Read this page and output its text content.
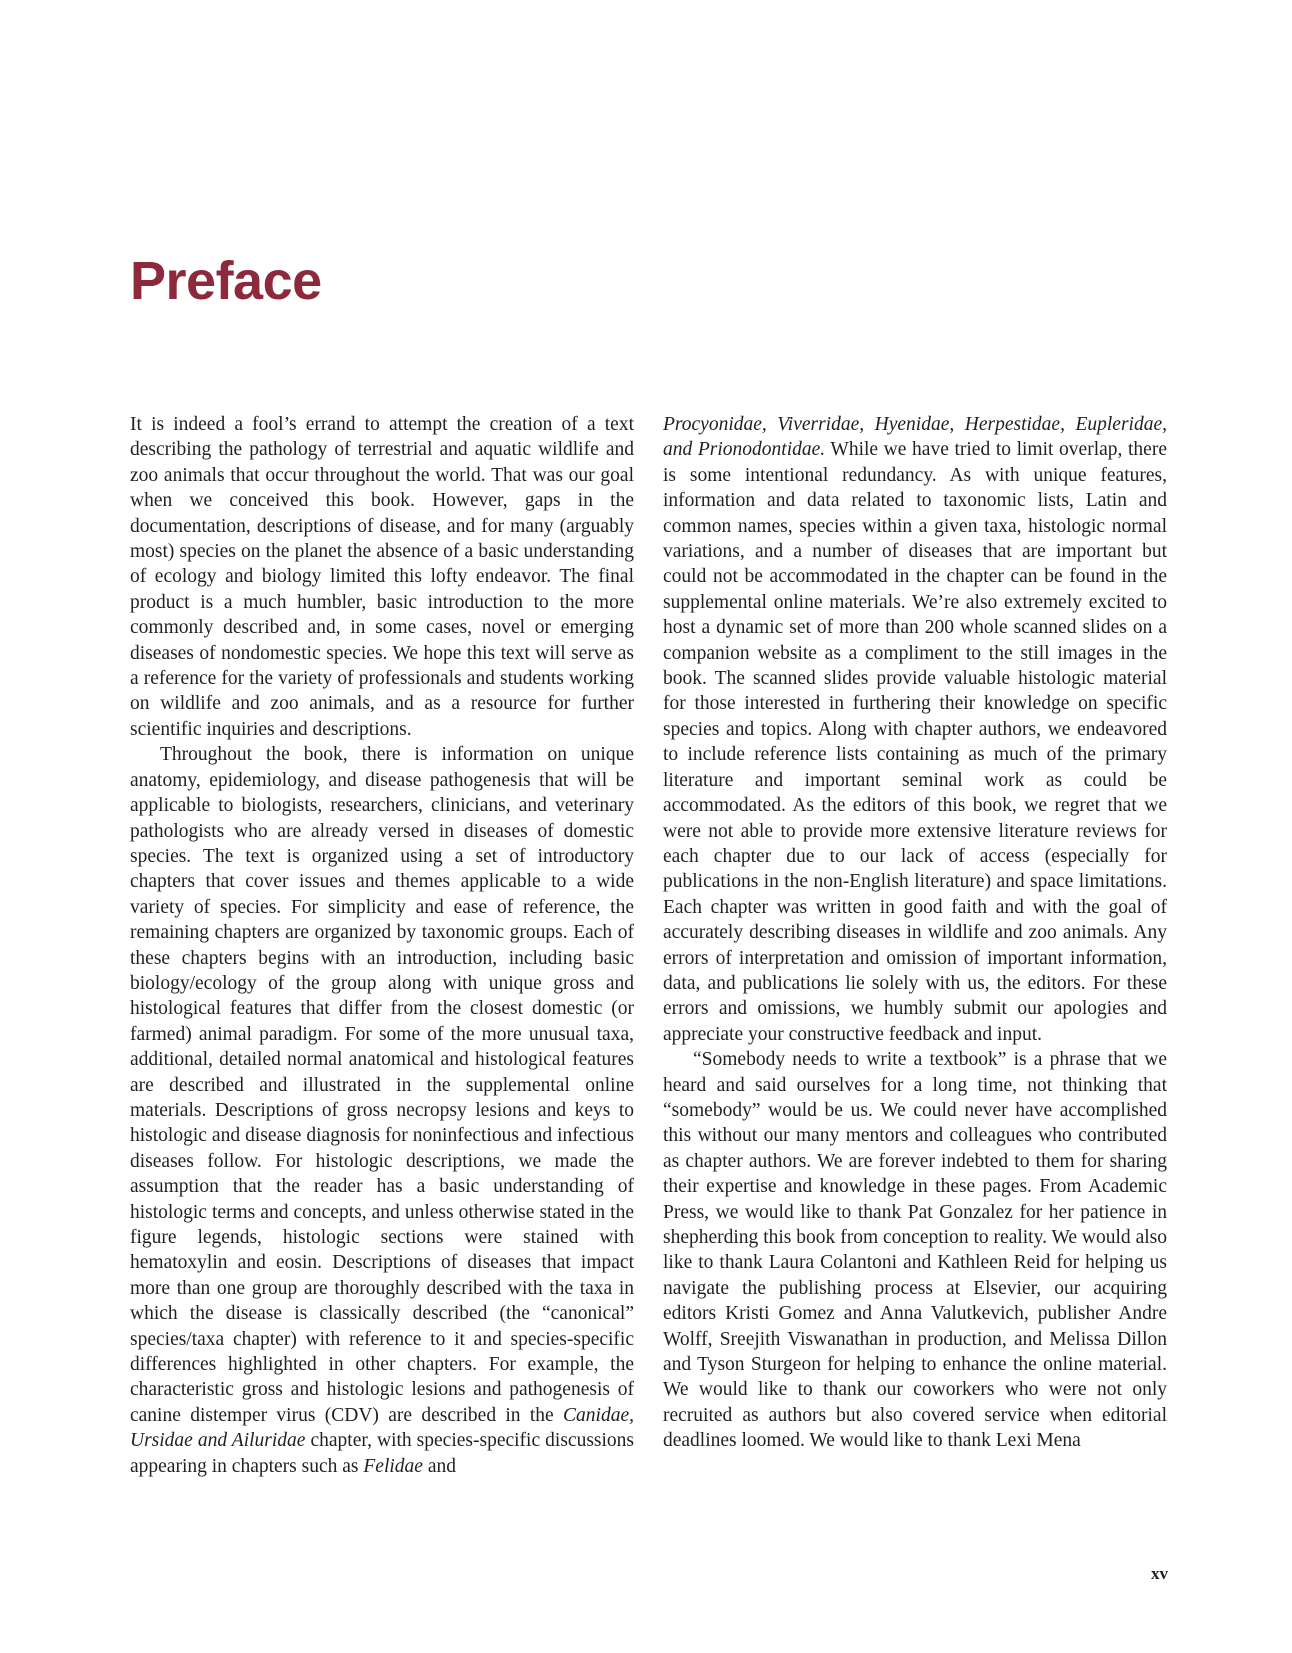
Preface

It is indeed a fool’s errand to attempt the creation of a text describing the pathology of terrestrial and aquatic wildlife and zoo animals that occur throughout the world. That was our goal when we conceived this book. However, gaps in the documentation, descriptions of disease, and for many (arguably most) species on the planet the absence of a basic understanding of ecology and biology limited this lofty endeavor. The final product is a much humbler, basic introduction to the more commonly described and, in some cases, novel or emerging diseases of nondomestic species. We hope this text will serve as a reference for the variety of professionals and students working on wildlife and zoo animals, and as a resource for further scientific inquiries and descriptions.

Throughout the book, there is information on unique anatomy, epidemiology, and disease pathogenesis that will be applicable to biologists, researchers, clinicians, and veterinary pathologists who are already versed in diseases of domestic species. The text is organized using a set of introductory chapters that cover issues and themes applicable to a wide variety of species. For simplicity and ease of reference, the remaining chapters are organized by taxonomic groups. Each of these chapters begins with an introduction, including basic biology/ecology of the group along with unique gross and histological features that differ from the closest domestic (or farmed) animal paradigm. For some of the more unusual taxa, additional, detailed normal anatomical and histological features are described and illustrated in the supplemental online materials. Descriptions of gross necropsy lesions and keys to histologic and disease diagnosis for noninfectious and infectious diseases follow. For histologic descriptions, we made the assumption that the reader has a basic understanding of histologic terms and concepts, and unless otherwise stated in the figure legends, histologic sections were stained with hematoxylin and eosin. Descriptions of diseases that impact more than one group are thoroughly described with the taxa in which the disease is classically described (the “canonical” species/taxa chapter) with reference to it and species-specific differences highlighted in other chapters. For example, the characteristic gross and histologic lesions and pathogenesis of canine distemper virus (CDV) are described in the Canidae, Ursidae and Ailuridae chapter, with species-specific discussions appearing in chapters such as Felidae and

Procyonidae, Viverridae, Hyenidae, Herpestidae, Eupleridae, and Prionodontidae. While we have tried to limit overlap, there is some intentional redundancy. As with unique features, information and data related to taxonomic lists, Latin and common names, species within a given taxa, histologic normal variations, and a number of diseases that are important but could not be accommodated in the chapter can be found in the supplemental online materials. We’re also extremely excited to host a dynamic set of more than 200 whole scanned slides on a companion website as a compliment to the still images in the book. The scanned slides provide valuable histologic material for those interested in furthering their knowledge on specific species and topics. Along with chapter authors, we endeavored to include reference lists containing as much of the primary literature and important seminal work as could be accommodated. As the editors of this book, we regret that we were not able to provide more extensive literature reviews for each chapter due to our lack of access (especially for publications in the non-English literature) and space limitations. Each chapter was written in good faith and with the goal of accurately describing diseases in wildlife and zoo animals. Any errors of interpretation and omission of important information, data, and publications lie solely with us, the editors. For these errors and omissions, we humbly submit our apologies and appreciate your constructive feedback and input.

“Somebody needs to write a textbook” is a phrase that we heard and said ourselves for a long time, not thinking that “somebody” would be us. We could never have accomplished this without our many mentors and colleagues who contributed as chapter authors. We are forever indebted to them for sharing their expertise and knowledge in these pages. From Academic Press, we would like to thank Pat Gonzalez for her patience in shepherding this book from conception to reality. We would also like to thank Laura Colantoni and Kathleen Reid for helping us navigate the publishing process at Elsevier, our acquiring editors Kristi Gomez and Anna Valutkevich, publisher Andre Wolff, Sreejith Viswanathan in production, and Melissa Dillon and Tyson Sturgeon for helping to enhance the online material. We would like to thank our coworkers who were not only recruited as authors but also covered service when editorial deadlines loomed. We would like to thank Lexi Mena

xv
